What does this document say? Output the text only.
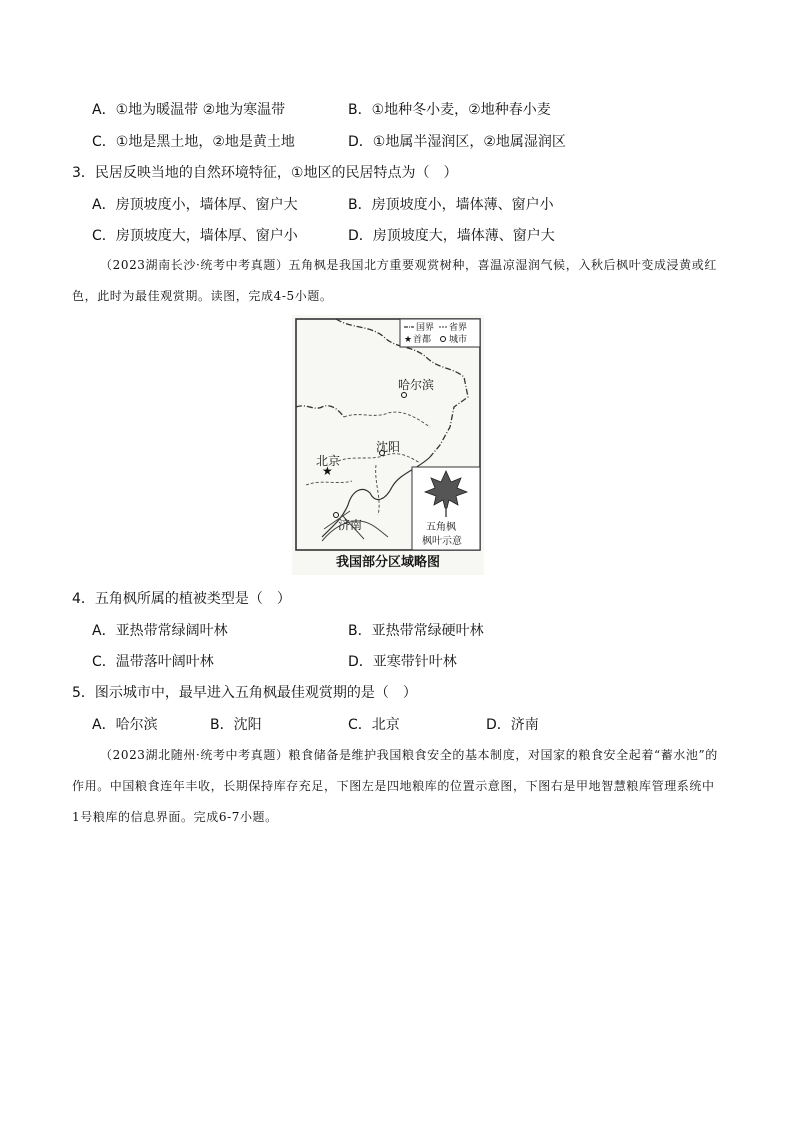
A．①地为暖温带 ②地为寒温带	B．①地种冬小麦，②地种春小麦
C．①地是黑土地，②地是黄土地	D．①地属半湿润区，②地属湿润区
3．民居反映当地的自然环境特征，①地区的民居特点为（　）
A．房顶坡度小，墙体厚、窗户大	B．房顶坡度小，墙体薄、窗户小
C．房顶坡度大，墙体厚、窗户小	D．房顶坡度大，墙体薄、窗户大
（2023湖南长沙·统考中考真题）五角枫是我国北方重要观赏树种，喜温凉湿润气候，入秋后枫叶变成浸黄或红色，此时为最佳观赏期。读图，完成4-5小题。
国界 省界
★ 首都 城市
哈尔滨
沈阳
★
北京
济南	五角枫
枫叶示意
我国部分区域略图
4．五角枫所属的植被类型是（　）
A．亚热带常绿阔叶林	B．亚热带常绿硬叶林
C．温带落叶阔叶林	D．亚寒带针叶林
5．图示城市中，最早进入五角枫最佳观赏期的是（　）
A．哈尔滨	B．沈阳	C．北京	D．济南
（2023湖北随州·统考中考真题）粮食储备是维护我国粮食安全的基本制度，对国家的粮食安全起着“蓄水池”的作用。中国粮食连年丰收，长期保持库存充足，下图左是四地粮库的位置示意图，下图右是甲地智慧粮库管理系统中1号粮库的信息界面。完成6-7小题。
